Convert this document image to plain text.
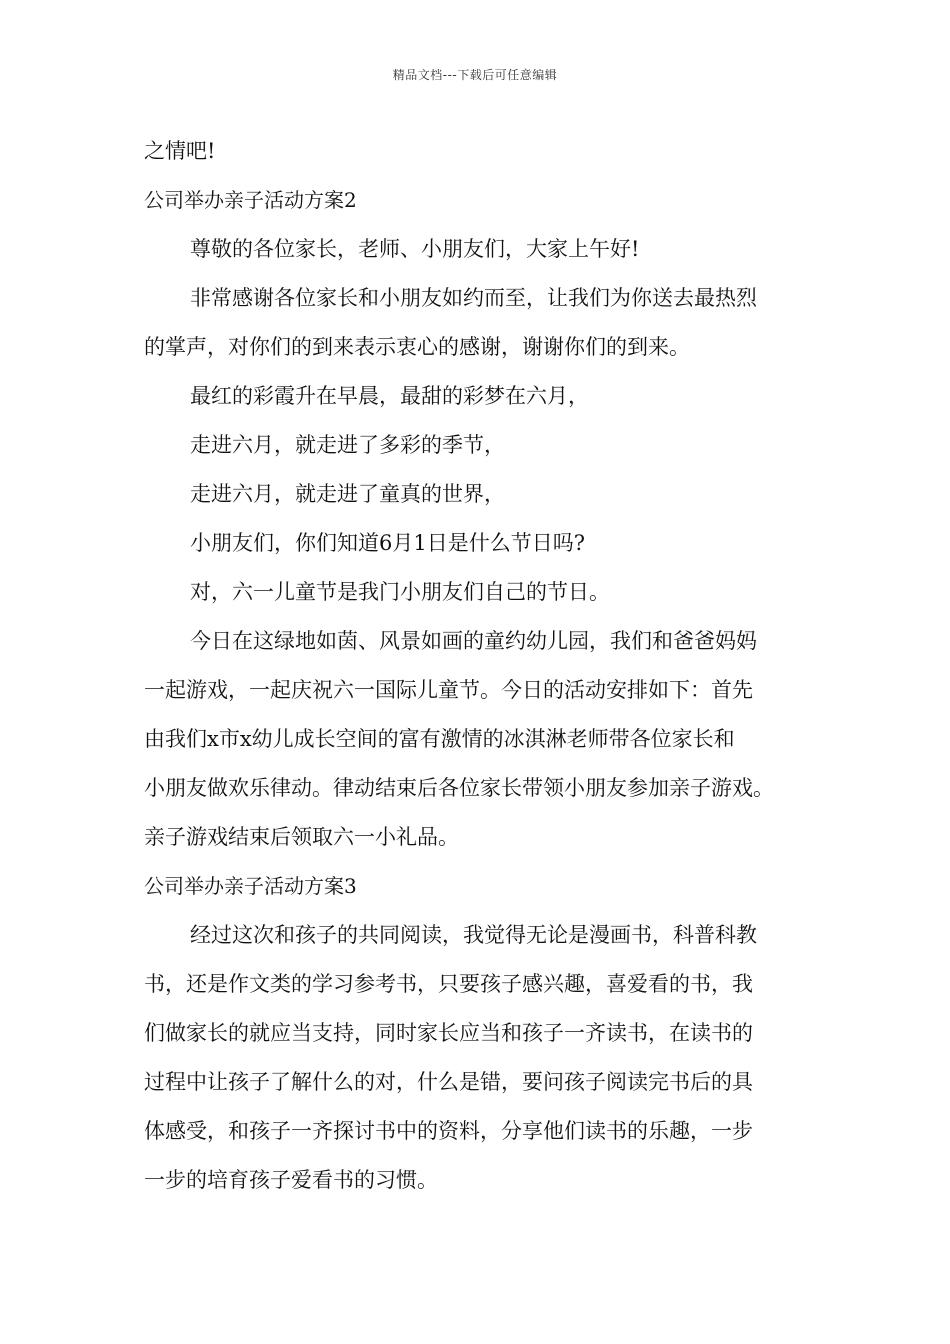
精品文档---下载后可任意编辑
之情吧!
公司举办亲子活动方案2
尊敬的各位家长，老师、小朋友们，大家上午好!
非常感谢各位家长和小朋友如约而至，让我们为你送去最热烈
的掌声，对你们的到来表示衷心的感谢，谢谢你们的到来。
最红的彩霞升在早晨，最甜的彩梦在六月，
走进六月，就走进了多彩的季节，
走进六月，就走进了童真的世界，
小朋友们，你们知道6月1日是什么节日吗?
对，六一儿童节是我门小朋友们自己的节日。
今日在这绿地如茵、风景如画的童约幼儿园，我们和爸爸妈妈
一起游戏，一起庆祝六一国际儿童节。今日的活动安排如下：首先
由我们x市x幼儿成长空间的富有激情的冰淇淋老师带各位家长和
小朋友做欢乐律动。律动结束后各位家长带领小朋友参加亲子游戏。
亲子游戏结束后领取六一小礼品。
公司举办亲子活动方案3
经过这次和孩子的共同阅读，我觉得无论是漫画书，科普科教
书，还是作文类的学习参考书，只要孩子感兴趣，喜爱看的书，我
们做家长的就应当支持，同时家长应当和孩子一齐读书，在读书的
过程中让孩子了解什么的对，什么是错，要问孩子阅读完书后的具
体感受，和孩子一齐探讨书中的资料，分享他们读书的乐趣，一步
一步的培育孩子爱看书的习惯。
